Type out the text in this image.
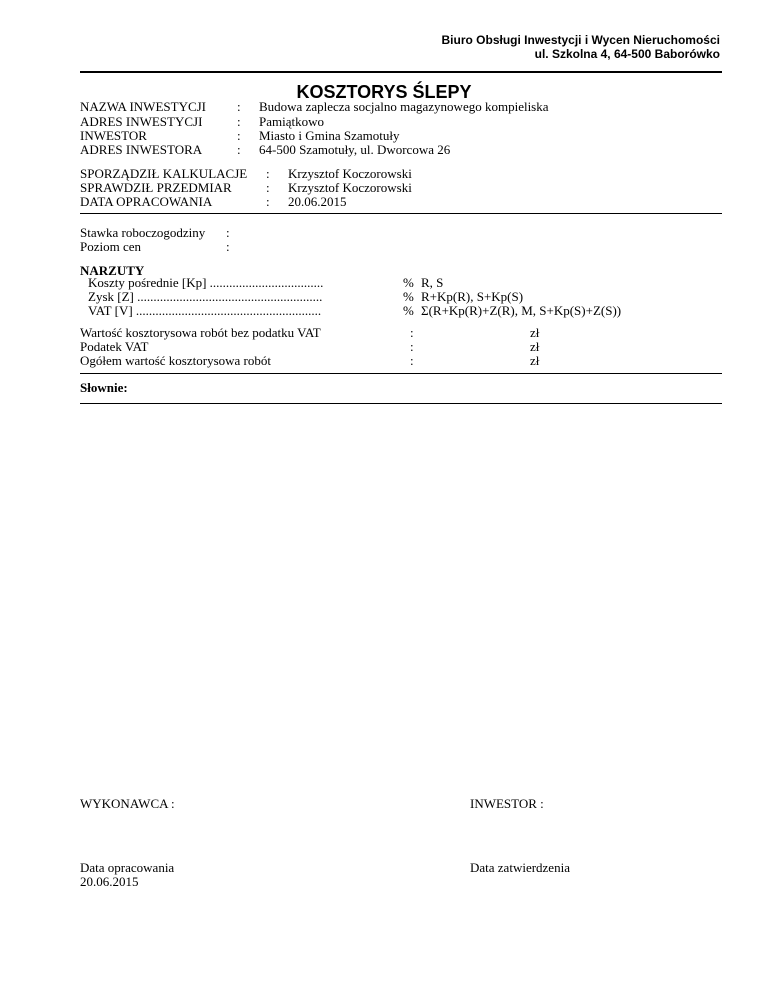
Biuro Obsługi Inwestycji i Wycen Nieruchomości
ul. Szkolna 4, 64-500 Baborówko
KOSZTORYS ŚLEPY
NAZWA INWESTYCJI : Budowa zaplecza socjalno magazynowego kompieliska
ADRES INWESTYCJI	: Pamiątkowo
INWESTOR	: Miasto i Gmina Szamotuły
ADRES INWESTORA	: 64-500 Szamotuły, ul. Dworcowa 26
SPORZĄDZIŁ KALKULACJE : Krzysztof Koczorowski
SPRAWDZIŁ PRZEDMIAR	: Krzysztof Koczorowski
DATA OPRACOWANIA	: 20.06.2015
Stawka roboczogodziny :
Poziom cen	:
NARZUTY
Koszty pośrednie [Kp] ...................................	% R, S
Zysk [Z] .........................................................	% R+Kp(R), S+Kp(S)
VAT [V] .........................................................	% Σ(R+Kp(R)+Z(R), M, S+Kp(S)+Z(S))
Wartość kosztorysowa robót bez podatku VAT	:	zł
Podatek VAT	:	zł
Ogółem wartość kosztorysowa robót	:	zł
Słownie:
WYKONAWCA :	INWESTOR :
Data opracowania
20.06.2015
Data zatwierdzenia
